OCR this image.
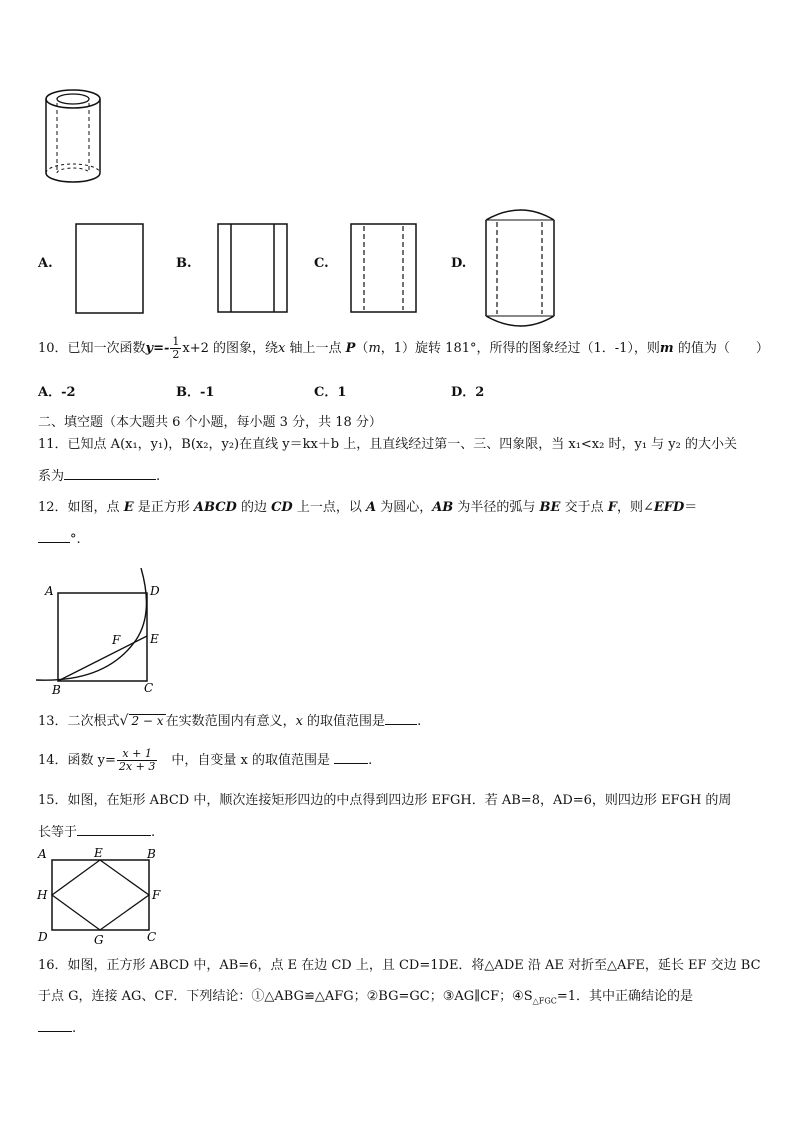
A.	B.	C.	D.
10．已知一次函数$y=- \frac{1}{2} x+2$ 的图象，绕x 轴上一点 P（m，1）旋转 181°，所得的图象经过（1．-1），则m 的值为（　　）
A．-2	B．-1	C．1	D．2
二、填空题（本大题共 6 个小题，每小题 3 分，共 18 分）
11．已知点 A(x₁，y₁)，B(x₂，y₂)在直线 y＝kx＋b 上，且直线经过第一、三、四象限，当 x₁<x₂ 时，y₁ 与 y₂ 的大小关
系为	.
12．如图，点 E 是正方形 ABCD 的边 CD 上一点，以 A 为圆心，AB 为半径的弧与 BE 交于点 F，则∠EFD＝
°.
A	D
E
F
B	C
13．二次根式√ 2 − x 在实数范围内有意义，x 的取值范围是 .
14．函数 $y= \frac{x + 1}{2x + 3}$ 　中，自变量 x 的取值范围是	.
15．如图，在矩形 ABCD 中，顺次连接矩形四边的中点得到四边形 EFGH．若 AB=8，AD=6，则四边形 EFGH 的周
长等于	.
A	E	B
H	F
D	G	C
16．如图，正方形 ABCD 中，AB=6，点 E 在边 CD 上，且 CD=1DE．将△ADE 沿 AE 对折至△AFE，延长 EF 交边 BC
于点 G，连接 AG、CF．下列结论：①△ABG≌△AFG；②BG=GC；③AG∥CF；$④S_{\triangle FGC}=1$．其中正确结论的是
.
